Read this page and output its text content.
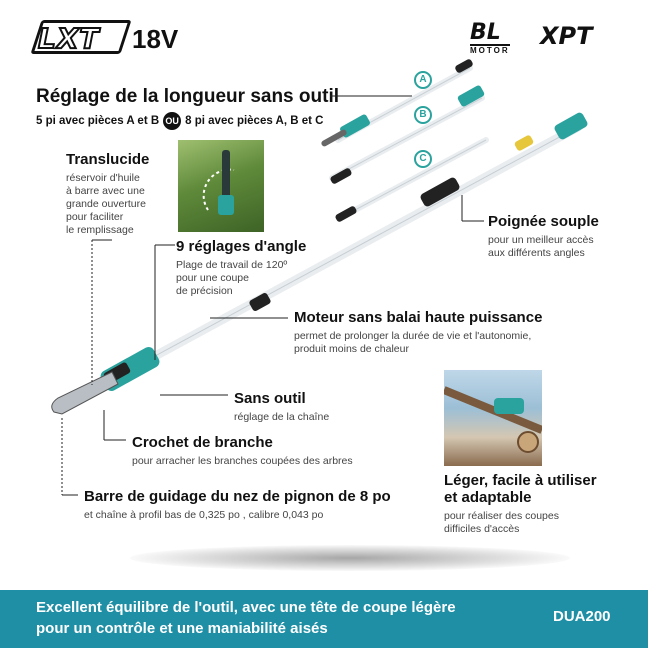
LXT 18V	BL
MOTOR
XPT
Réglage de la longueur sans outil
5 pi avec pièces A et B OU 8 pi avec pièces A, B et C
A
B
C
Translucide
réservoir d'huile
à barre avec une
grande ouverture
pour faciliter
le remplissage
9 réglages d'angle
Plage de travail de 120º
pour une coupe
de précision
Poignée souple
pour un meilleur accès
aux différents angles
Moteur sans balai haute puissance
permet de prolonger la durée de vie et l'autonomie,
produit moins de chaleur
Sans outil
réglage de la chaîne
Crochet de branche
pour arracher les branches coupées des arbres
Barre de guidage du nez de pignon de 8 po
et chaîne à profil bas de 0,325 po , calibre 0,043 po
Léger, facile à utiliser
et adaptable
pour réaliser des coupes
difficiles d'accès
Excellent équilibre de l'outil, avec une tête de coupe légère
pour un contrôle et une maniabilité aisés
DUA200
